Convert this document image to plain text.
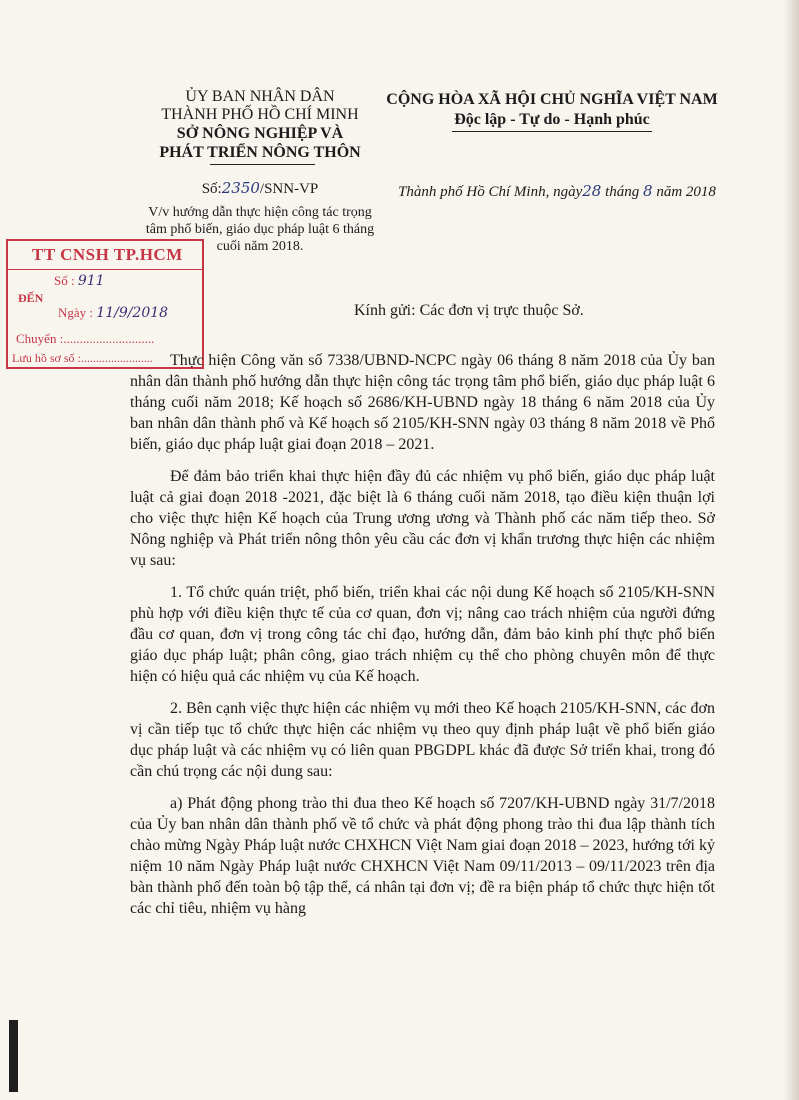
ỦY BAN NHÂN DÂN
THÀNH PHỐ HỒ CHÍ MINH
SỞ NÔNG NGHIỆP VÀ
PHÁT TRIỂN NÔNG THÔN
Số:2350/SNN-VP
V/v hướng dẫn thực hiện công tác trọng tâm phổ biến, giáo dục pháp luật 6 tháng cuối năm 2018.
CỘNG HÒA XÃ HỘI CHỦ NGHĨA VIỆT NAM
Độc lập - Tự do - Hạnh phúc
Thành phố Hồ Chí Minh, ngày28 tháng 8 năm 2018
TT CNSH TP.HCM
Số : 911
ĐẾN
Ngày : 11/9/2018
Chuyển :............................
Lưu hồ sơ số :........................
Kính gửi: Các đơn vị trực thuộc Sở.

Thực hiện Công văn số 7338/UBND-NCPC ngày 06 tháng 8 năm 2018 của Ủy ban nhân dân thành phố hướng dẫn thực hiện công tác trọng tâm phổ biến, giáo dục pháp luật 6 tháng cuối năm 2018; Kế hoạch số 2686/KH-UBND ngày 18 tháng 6 năm 2018 của Ủy ban nhân dân thành phố và Kế hoạch số 2105/KH-SNN ngày 03 tháng 8 năm 2018 về Phổ biến, giáo dục pháp luật giai đoạn 2018 – 2021.

Để đảm bảo triển khai thực hiện đầy đủ các nhiệm vụ phổ biến, giáo dục pháp luật luật cả giai đoạn 2018 -2021, đặc biệt là 6 tháng cuối năm 2018, tạo điều kiện thuận lợi cho việc thực hiện Kế hoạch của Trung ương ương và Thành phố các năm tiếp theo. Sở Nông nghiệp và Phát triển nông thôn yêu cầu các đơn vị khẩn trương thực hiện các nhiệm vụ sau:

1. Tổ chức quán triệt, phổ biến, triển khai các nội dung Kế hoạch số 2105/KH-SNN phù hợp với điều kiện thực tế của cơ quan, đơn vị; nâng cao trách nhiệm của người đứng đầu cơ quan, đơn vị trong công tác chỉ đạo, hướng dẫn, đảm bảo kinh phí thực phổ biến giáo dục pháp luật; phân công, giao trách nhiệm cụ thể cho phòng chuyên môn để thực hiện có hiệu quả các nhiệm vụ của Kế hoạch.

2. Bên cạnh việc thực hiện các nhiệm vụ mới theo Kế hoạch 2105/KH-SNN, các đơn vị cần tiếp tục tổ chức thực hiện các nhiệm vụ theo quy định pháp luật về phổ biến giáo dục pháp luật và các nhiệm vụ có liên quan PBGDPL khác đã được Sở triển khai, trong đó cần chú trọng các nội dung sau:

a) Phát động phong trào thi đua theo Kế hoạch số 7207/KH-UBND ngày 31/7/2018 của Ủy ban nhân dân thành phố về tổ chức và phát động phong trào thi đua lập thành tích chào mừng Ngày Pháp luật nước CHXHCN Việt Nam giai đoạn 2018 – 2023, hướng tới kỷ niệm 10 năm Ngày Pháp luật nước CHXHCN Việt Nam 09/11/2013 – 09/11/2023 trên địa bàn thành phố đến toàn bộ tập thể, cá nhân tại đơn vị; đề ra biện pháp tổ chức thực hiện tốt các chỉ tiêu, nhiệm vụ hàng
